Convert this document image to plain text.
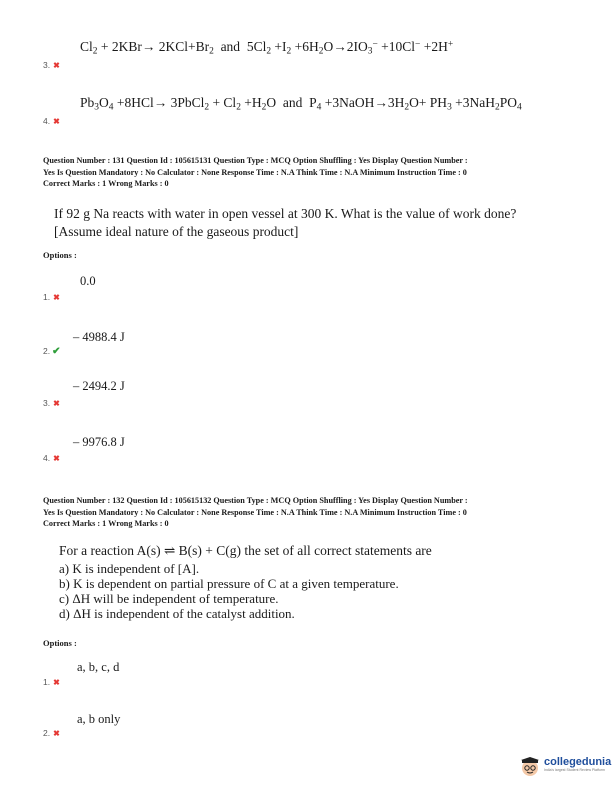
$Cl_2 + 2KBr\to 2KCl+Br_2$ and $5Cl_2 +I_2 +6H_2O\to 2IO_3^- +10Cl^- +2H^+$
3. ✖
$Pb_3O_4 +8HCl\to$ 3PbCl$_2$ + $Cl_2 +H_2O$ and $P_4$ $+3NaOH\to 3H_2O+ PH_3 +3NaH_2PO_4$
4. ✖
Question Number : 131 Question Id : 105615131 Question Type : MCQ Option Shuffling : Yes Display Question Number :
Yes Is Question Mandatory : No Calculator : None Response Time : N.A Think Time : N.A Minimum Instruction Time : 0
Correct Marks : 1 Wrong Marks : 0
If 92 g Na reacts with water in open vessel at 300 K. What is the value of work done?
[Assume ideal nature of the gaseous product]
Options :
0.0
1. ✖
– 4988.4 J
2. ✔
– 2494.2 J
3. ✖
– 9976.8 J
4. ✖
Question Number : 132 Question Id : 105615132 Question Type : MCQ Option Shuffling : Yes Display Question Number :
Yes Is Question Mandatory : No Calculator : None Response Time : N.A Think Time : N.A Minimum Instruction Time : 0
Correct Marks : 1 Wrong Marks : 0
For a reaction A(s) ⇌ B(s) + C(g) the set of all correct statements are
a) K is independent of [A].
b) K is dependent on partial pressure of C at a given temperature.
c) ΔH will be independent of temperature.
d) ΔH is independent of the catalyst addition.
Options :
a, b, c, d
1. ✖
a, b only
2. ✖
collegedunia
India's largest Student Review Platform
